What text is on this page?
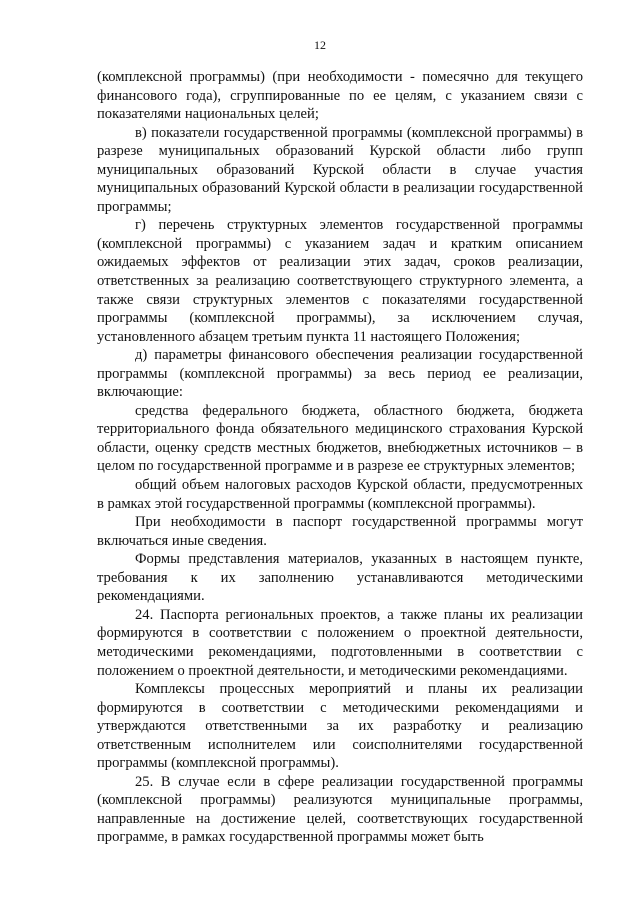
12

(комплексной программы) (при необходимости - помесячно для текущего финансового года), сгруппированные по ее целям, с указанием связи с показателями национальных целей;

в) показатели государственной программы (комплексной программы) в разрезе муниципальных образований Курской области либо групп муниципальных образований Курской области в случае участия муниципальных образований Курской области в реализации государственной программы;

г) перечень структурных элементов государственной программы (комплексной программы) с указанием задач и кратким описанием ожидаемых эффектов от реализации этих задач, сроков реализации, ответственных за реализацию соответствующего структурного элемента, а также связи структурных элементов с показателями государственной программы (комплексной программы), за исключением случая, установленного абзацем третьим пункта 11 настоящего Положения;

д) параметры финансового обеспечения реализации государственной программы (комплексной программы) за весь период ее реализации, включающие:

средства федерального бюджета, областного бюджета, бюджета территориального фонда обязательного медицинского страхования Курской области, оценку средств местных бюджетов, внебюджетных источников – в целом по государственной программе и в разрезе ее структурных элементов;

общий объем налоговых расходов Курской области, предусмотренных в рамках этой государственной программы (комплексной программы).

При необходимости в паспорт государственной программы могут включаться иные сведения.

Формы представления материалов, указанных в настоящем пункте, требования к их заполнению устанавливаются методическими рекомендациями.

24. Паспорта региональных проектов, а также планы их реализации формируются в соответствии с положением о проектной деятельности, методическими рекомендациями, подготовленными в соответствии с положением о проектной деятельности, и методическими рекомендациями.

Комплексы процессных мероприятий и планы их реализации формируются в соответствии с методическими рекомендациями и утверждаются ответственными за их разработку и реализацию ответственным исполнителем или соисполнителями государственной программы (комплексной программы).

25. В случае если в сфере реализации государственной программы (комплексной программы) реализуются муниципальные программы, направленные на достижение целей, соответствующих государственной программе, в рамках государственной программы может быть
